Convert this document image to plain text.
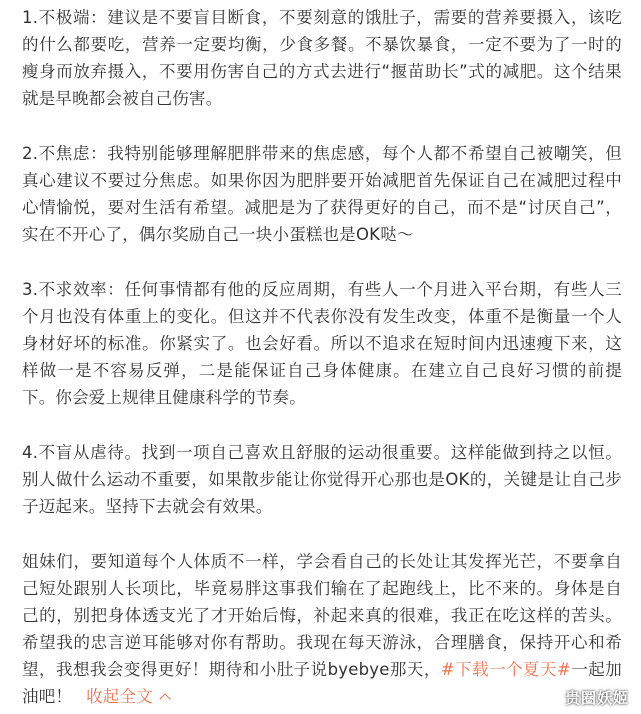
1.不极端：建议是不要盲目断食，不要刻意的饿肚子，需要的营养要摄入，该吃的什么都要吃，营养一定要均衡，少食多餐。不暴饮暴食，一定不要为了一时的瘦身而放弃摄入，不要用伤害自己的方式去进行“揠苗助长”式的减肥。这个结果就是早晚都会被自己伤害。

2.不焦虑：我特别能够理解肥胖带来的焦虑感，每个人都不希望自己被嘲笑，但真心建议不要过分焦虑。如果你因为肥胖要开始减肥首先保证自己在减肥过程中心情愉悦，要对生活有希望。减肥是为了获得更好的自己，而不是“讨厌自己”，实在不开心了，偶尔奖励自己一块小蛋糕也是OK哒～

3.不求效率：任何事情都有他的反应周期，有些人一个月进入平台期，有些人三个月也没有体重上的变化。但这并不代表你没有发生改变，体重不是衡量一个人身材好坏的标准。你紧实了。也会好看。所以不追求在短时间内迅速瘦下来，这样做一是不容易反弹，二是能保证自己身体健康。在建立自己良好习惯的前提下。你会爱上规律且健康科学的节奏。

4.不盲从虐待。找到一项自己喜欢且舒服的运动很重要。这样能做到持之以恒。别人做什么运动不重要，如果散步能让你觉得开心那也是OK的，关键是让自己步子迈起来。坚持下去就会有效果。

姐妹们，要知道每个人体质不一样，学会看自己的长处让其发挥光芒，不要拿自己短处跟别人长项比，毕竟易胖这事我们输在了起跑线上，比不来的。身体是自己的，别把身体透支光了才开始后悔，补起来真的很难，我正在吃这样的苦头。希望我的忠言逆耳能够对你有帮助。我现在每天游泳，合理膳食，保持开心和希望，我想我会变得更好！期待和小肚子说byebye那天，#下载一个夏天#一起加油吧！ 收起全文	贵圈妖姬
